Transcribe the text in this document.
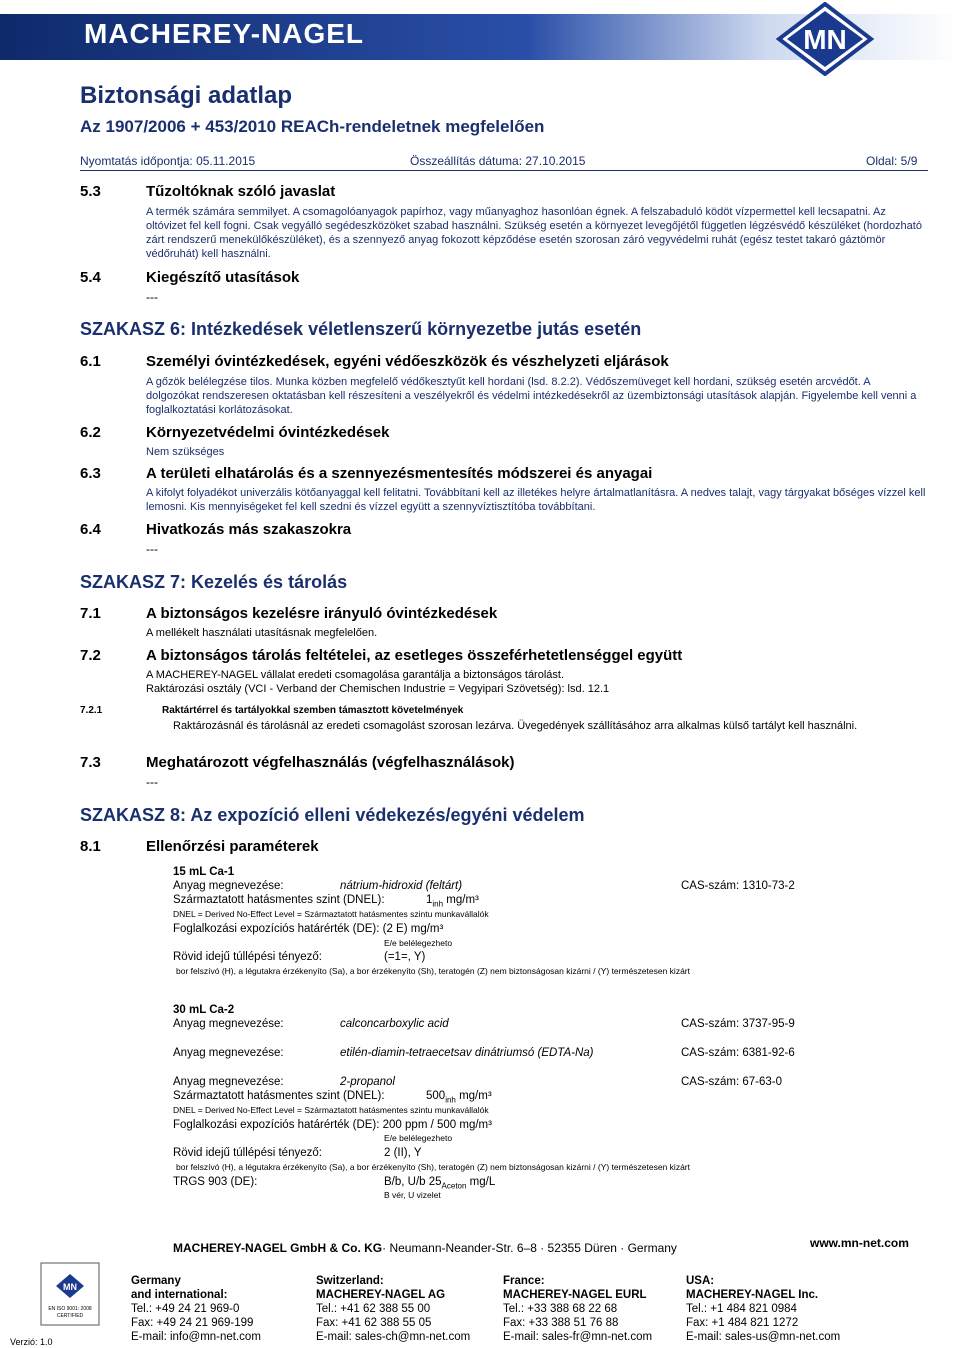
MACHEREY-NAGEL	MN
Biztonsági adatlap
Az 1907/2006 + 453/2010 REACh-rendeletnek megfelelően
Nyomtatás időpontja: 05.11.2015	Összeállítás dátuma: 27.10.2015	Oldal: 5/9
5.3	Tűzoltóknak szóló javaslat
A termék számára semmilyet. A csomagolóanyagok papírhoz, vagy műanyaghoz hasonlóan égnek. A felszabaduló ködöt vízpermettel kell lecsapatni. Az oltóvizet fel kell fogni. Csak vegyálló segédeszközöket szabad használni. Szükség esetén a környezet levegőjétől független légzésvédő készüléket (hordozható zárt rendszerű menekülőkészüléket), és a szennyező anyag fokozott képződése esetén szorosan záró vegyvédelmi ruhát (egész testet takaró gáztömör védőruhát) kell használni.
5.4	Kiegészítő utasítások
---
SZAKASZ 6: Intézkedések véletlenszerű környezetbe jutás esetén
6.1	Személyi óvintézkedések, egyéni védőeszközök és vészhelyzeti eljárások
A gőzök belélegzése tilos. Munka közben megfelelő védőkesztyűt kell hordani (lsd. 8.2.2). Védőszemüveget kell hordani, szükség esetén arcvédőt. A dolgozókat rendszeresen oktatásban kell részesíteni a veszélyekről és védelmi intézkedésekről az üzembiztonsági utasítások alapján. Figyelembe kell venni a foglalkoztatási korlátozásokat.
6.2	Környezetvédelmi óvintézkedések
Nem szükséges
6.3	A területi elhatárolás és a szennyezésmentesítés módszerei és anyagai
A kifolyt folyadékot univerzális kötőanyaggal kell felitatni. Továbbítani kell az illetékes helyre ártalmatlanításra. A nedves talajt, vagy tárgyakat bőséges vízzel kell lemosni. Kis mennyiségeket fel kell szedni és vízzel együtt a szennyvíztisztítóba továbbítani.
6.4	Hivatkozás más szakaszokra
---
SZAKASZ 7: Kezelés és tárolás
7.1	A biztonságos kezelésre irányuló óvintézkedések
A mellékelt használati utasításnak megfelelően.
7.2	A biztonságos tárolás feltételei, az esetleges összeférhetetlenséggel együtt
A MACHEREY-NAGEL vállalat eredeti csomagolása garantálja a biztonságos tárolást.
Raktározási osztály (VCI - Verband der Chemischen Industrie = Vegyipari Szövetség): lsd. 12.1
7.2.1	Raktártérrel és tartályokkal szemben támasztott követelmények
Raktározásnál és tárolásnál az eredeti csomagolást szorosan lezárva. Üvegedények szállításához arra alkalmas külső tartályt kell használni.
7.3	Meghatározott végfelhasználás (végfelhasználások)
---
SZAKASZ 8: Az expozíció elleni védekezés/egyéni védelem
8.1	Ellenőrzési paraméterek
15 mL Ca-1
Anyag megnevezése:	nátrium-hidroxid (feltárt)	CAS-szám: 1310-73-2
Származtatott hatásmentes szint (DNEL):	$1_{inh}$ mg/m³
DNEL = Derived No-Effect Level = Származtatott hatásmentes szintu munkavállalók
Foglalkozási expozíciós határérték (DE): (2 E) mg/m³
E/e belélegezheto
Rövid idejű túllépési tényező:	(=1=, Y)
bor felszívó (H), a légutakra érzékenyíto (Sa), a bor érzékenyíto (Sh), teratogén (Z) nem biztonságosan kizárni / (Y) természetesen kizárt
30 mL Ca-2
Anyag megnevezése:	calconcarboxylic acid	CAS-szám: 3737-95-9
Anyag megnevezése:	etilén-diamin-tetraecetsav dinátriumsó (EDTA-Na)	CAS-szám: 6381-92-6
Anyag megnevezése:	2-propanol	CAS-szám: 67-63-0
Származtatott hatásmentes szint (DNEL):	$500_{inh}$ mg/m³
DNEL = Derived No-Effect Level = Származtatott hatásmentes szintu munkavállalók
Foglalkozási expozíciós határérték (DE): 200 ppm / 500 mg/m³
E/e belélegezheto
Rövid idejű túllépési tényező:	2 (II), Y
bor felszívó (H), a légutakra érzékenyíto (Sa), a bor érzékenyíto (Sh), teratogén (Z) nem biztonságosan kizárni / (Y) természetesen kizárt
TRGS 903 (DE):	B/b, U/b $25_{Aceton}$ mg/L
B vér, U vizelet
MACHEREY-NAGEL GmbH & Co. KG· Neumann-Neander-Str. 6–8 · 52355 Düren · Germany	www.mn-net.com
MN
EN ISO 9001: 2008
CERTIFIED
Verzió: 1.0
Germany
and international:
Tel.: +49 24 21 969-0
Fax: +49 24 21 969-199
E-mail: info@mn-net.com
Switzerland:
MACHEREY-NAGEL AG
Tel.: +41 62 388 55 00
Fax: +41 62 388 55 05
E-mail: sales-ch@mn-net.com
France:
MACHEREY-NAGEL EURL
Tel.: +33 388 68 22 68
Fax: +33 388 51 76 88
E-mail: sales-fr@mn-net.com
USA:
MACHEREY-NAGEL Inc.
Tel.: +1 484 821 0984
Fax: +1 484 821 1272
E-mail: sales-us@mn-net.com
